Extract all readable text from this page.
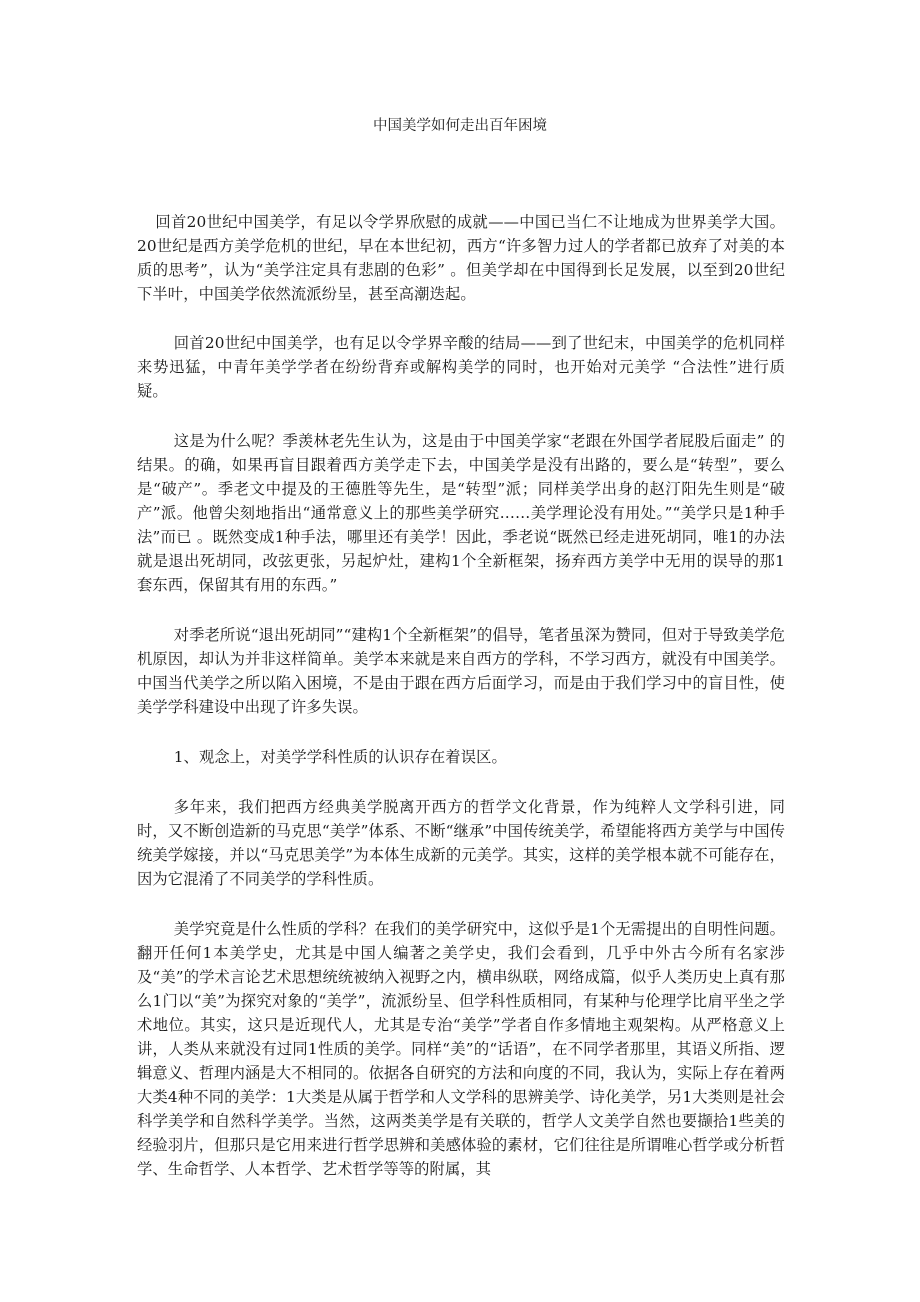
中国美学如何走出百年困境

回首20世纪中国美学，有足以令学界欣慰的成就——中国已当仁不让地成为世界美学大国。20世纪是西方美学危机的世纪，早在本世纪初，西方“许多智力过人的学者都已放弃了对美的本质的思考”，认为“美学注定具有悲剧的色彩” 。但美学却在中国得到长足发展，以至到20世纪下半叶，中国美学依然流派纷呈，甚至高潮迭起。

回首20世纪中国美学，也有足以令学界辛酸的结局——到了世纪末，中国美学的危机同样来势迅猛，中青年美学学者在纷纷背弃或解构美学的同时，也开始对元美学 “合法性”进行质疑。

这是为什么呢？季羡林老先生认为，这是由于中国美学家“老跟在外国学者屁股后面走” 的结果。的确，如果再盲目跟着西方美学走下去，中国美学是没有出路的，要么是“转型”，要么是“破产”。季老文中提及的王德胜等先生，是“转型”派；同样美学出身的赵汀阳先生则是“破产”派。他曾尖刻地指出“通常意义上的那些美学研究……美学理论没有用处。”“美学只是1种手法”而已 。既然变成1种手法，哪里还有美学！因此，季老说“既然已经走进死胡同，唯1的办法就是退出死胡同，改弦更张，另起炉灶，建构1个全新框架，扬弃西方美学中无用的误导的那1套东西，保留其有用的东西。”

对季老所说“退出死胡同”“建构1个全新框架”的倡导，笔者虽深为赞同，但对于导致美学危机原因，却认为并非这样简单。美学本来就是来自西方的学科，不学习西方，就没有中国美学。中国当代美学之所以陷入困境，不是由于跟在西方后面学习，而是由于我们学习中的盲目性，使美学学科建设中出现了许多失误。

1、观念上，对美学学科性质的认识存在着误区。

多年来，我们把西方经典美学脱离开西方的哲学文化背景，作为纯粹人文学科引进，同时，又不断创造新的马克思“美学”体系、不断“继承”中国传统美学，希望能将西方美学与中国传统美学嫁接，并以“马克思美学”为本体生成新的元美学。其实，这样的美学根本就不可能存在，因为它混淆了不同美学的学科性质。

美学究竟是什么性质的学科？在我们的美学研究中，这似乎是1个无需提出的自明性问题。翻开任何1本美学史，尤其是中国人编著之美学史，我们会看到，几乎中外古今所有名家涉及“美”的学术言论艺术思想统统被纳入视野之内，横串纵联，网络成篇，似乎人类历史上真有那么1门以“美”为探究对象的“美学”，流派纷呈、但学科性质相同，有某种与伦理学比肩平坐之学术地位。其实，这只是近现代人，尤其是专治“美学”学者自作多情地主观架构。从严格意义上讲，人类从来就没有过同1性质的美学。同样“美”的“话语”，在不同学者那里，其语义所指、逻辑意义、哲理内涵是大不相同的。依据各自研究的方法和向度的不同，我认为，实际上存在着两大类4种不同的美学：1大类是从属于哲学和人文学科的思辨美学、诗化美学，另1大类则是社会科学美学和自然科学美学。当然，这两类美学是有关联的，哲学人文美学自然也要撷拾1些美的经验羽片，但那只是它用来进行哲学思辨和美感体验的素材，它们往往是所谓唯心哲学或分析哲学、生命哲学、人本哲学、艺术哲学等等的附属，其
